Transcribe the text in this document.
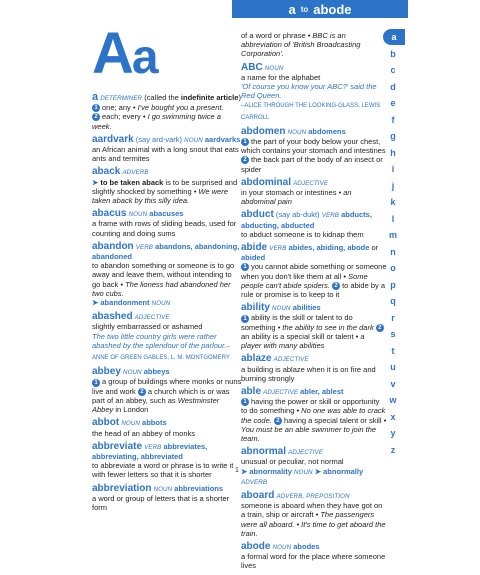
a to abode
Aa
a DETERMINER (called the indefinite article)
1 one; any • I've bought you a present.
2 each; every • I go swimming twice a week.
aardvark (say ard-vark) NOUN aardvarks
an African animal with a long snout that eats ants and termites
aback ADVERB
➤ to be taken aback is to be surprised and slightly shocked by something • We were taken aback by this silly idea.
abacus NOUN abacuses
a frame with rows of sliding beads, used for counting and doing sums
abandon VERB abandons, abandoning, abandoned
to abandon something or someone is to go away and leave them, without intending to go back • The lioness had abandoned her two cubs.
➤ abandonment NOUN
abashed ADJECTIVE
slightly embarrassed or ashamed
The two little country girls were rather abashed by the splendour of the parlour.–ANNE OF GREEN GABLES, L. M. MONTGOMERY
abbey NOUN abbeys
1 a group of buildings where monks or nuns live and work 2 a church which is or was part of an abbey, such as Westminster Abbey in London
abbot NOUN abbots
the head of an abbey of monks
abbreviate VERB abbreviates, abbreviating, abbreviated
to abbreviate a word or phrase is to write it with fewer letters so that it is shorter
abbreviation NOUN abbreviations
a word or group of letters that is a shorter form
of a word or phrase • BBC is an abbreviation of 'British Broadcasting Corporation'.
ABC NOUN
a name for the alphabet
'Of course you know your ABC?' said the Red Queen.
–ALICE THROUGH THE LOOKING-GLASS, LEWIS CARROLL
abdomen NOUN abdomens
1 the part of your body below your chest, which contains your stomach and intestines 2 the back part of the body of an insect or spider
abdominal ADJECTIVE
in your stomach or intestines • an abdominal pain
abduct (say ab-dukt) VERB abducts, abducting, abducted
to abduct someone is to kidnap them
abide VERB abides, abiding, abode or abided
1 you cannot abide something or someone when you don't like them at all • Some people can't abide spiders. 2 to abide by a rule or promise is to keep to it
ability NOUN abilities
1 ability is the skill or talent to do something • the ability to see in the dark 2an ability is a special skill or talent • a player with many abilities
ablaze ADJECTIVE
a building is ablaze when it is on fire and burning strongly
able ADJECTIVE abler, ablest
1 having the power or skill or opportunity to do something • No one was able to crack the code. 2 having a special talent or skill • You must be an able swimmer to join the team.
abnormal ADJECTIVE
unusual or peculiar, not normal
➤ abnormality NOUN ➤ abnormally ADVERB
aboard ADVERB, PREPOSITION
someone is aboard when they have got on a train, ship or aircraft • The passengers were all aboard. • It's time to get aboard the train.
abode NOUN abodes
a formal word for the place where someone lives
a
b
c
d
e
f
g
h
i
j
k
l
m
n
o
p
q
r
s
t
u
v
w
x
y
z
1
